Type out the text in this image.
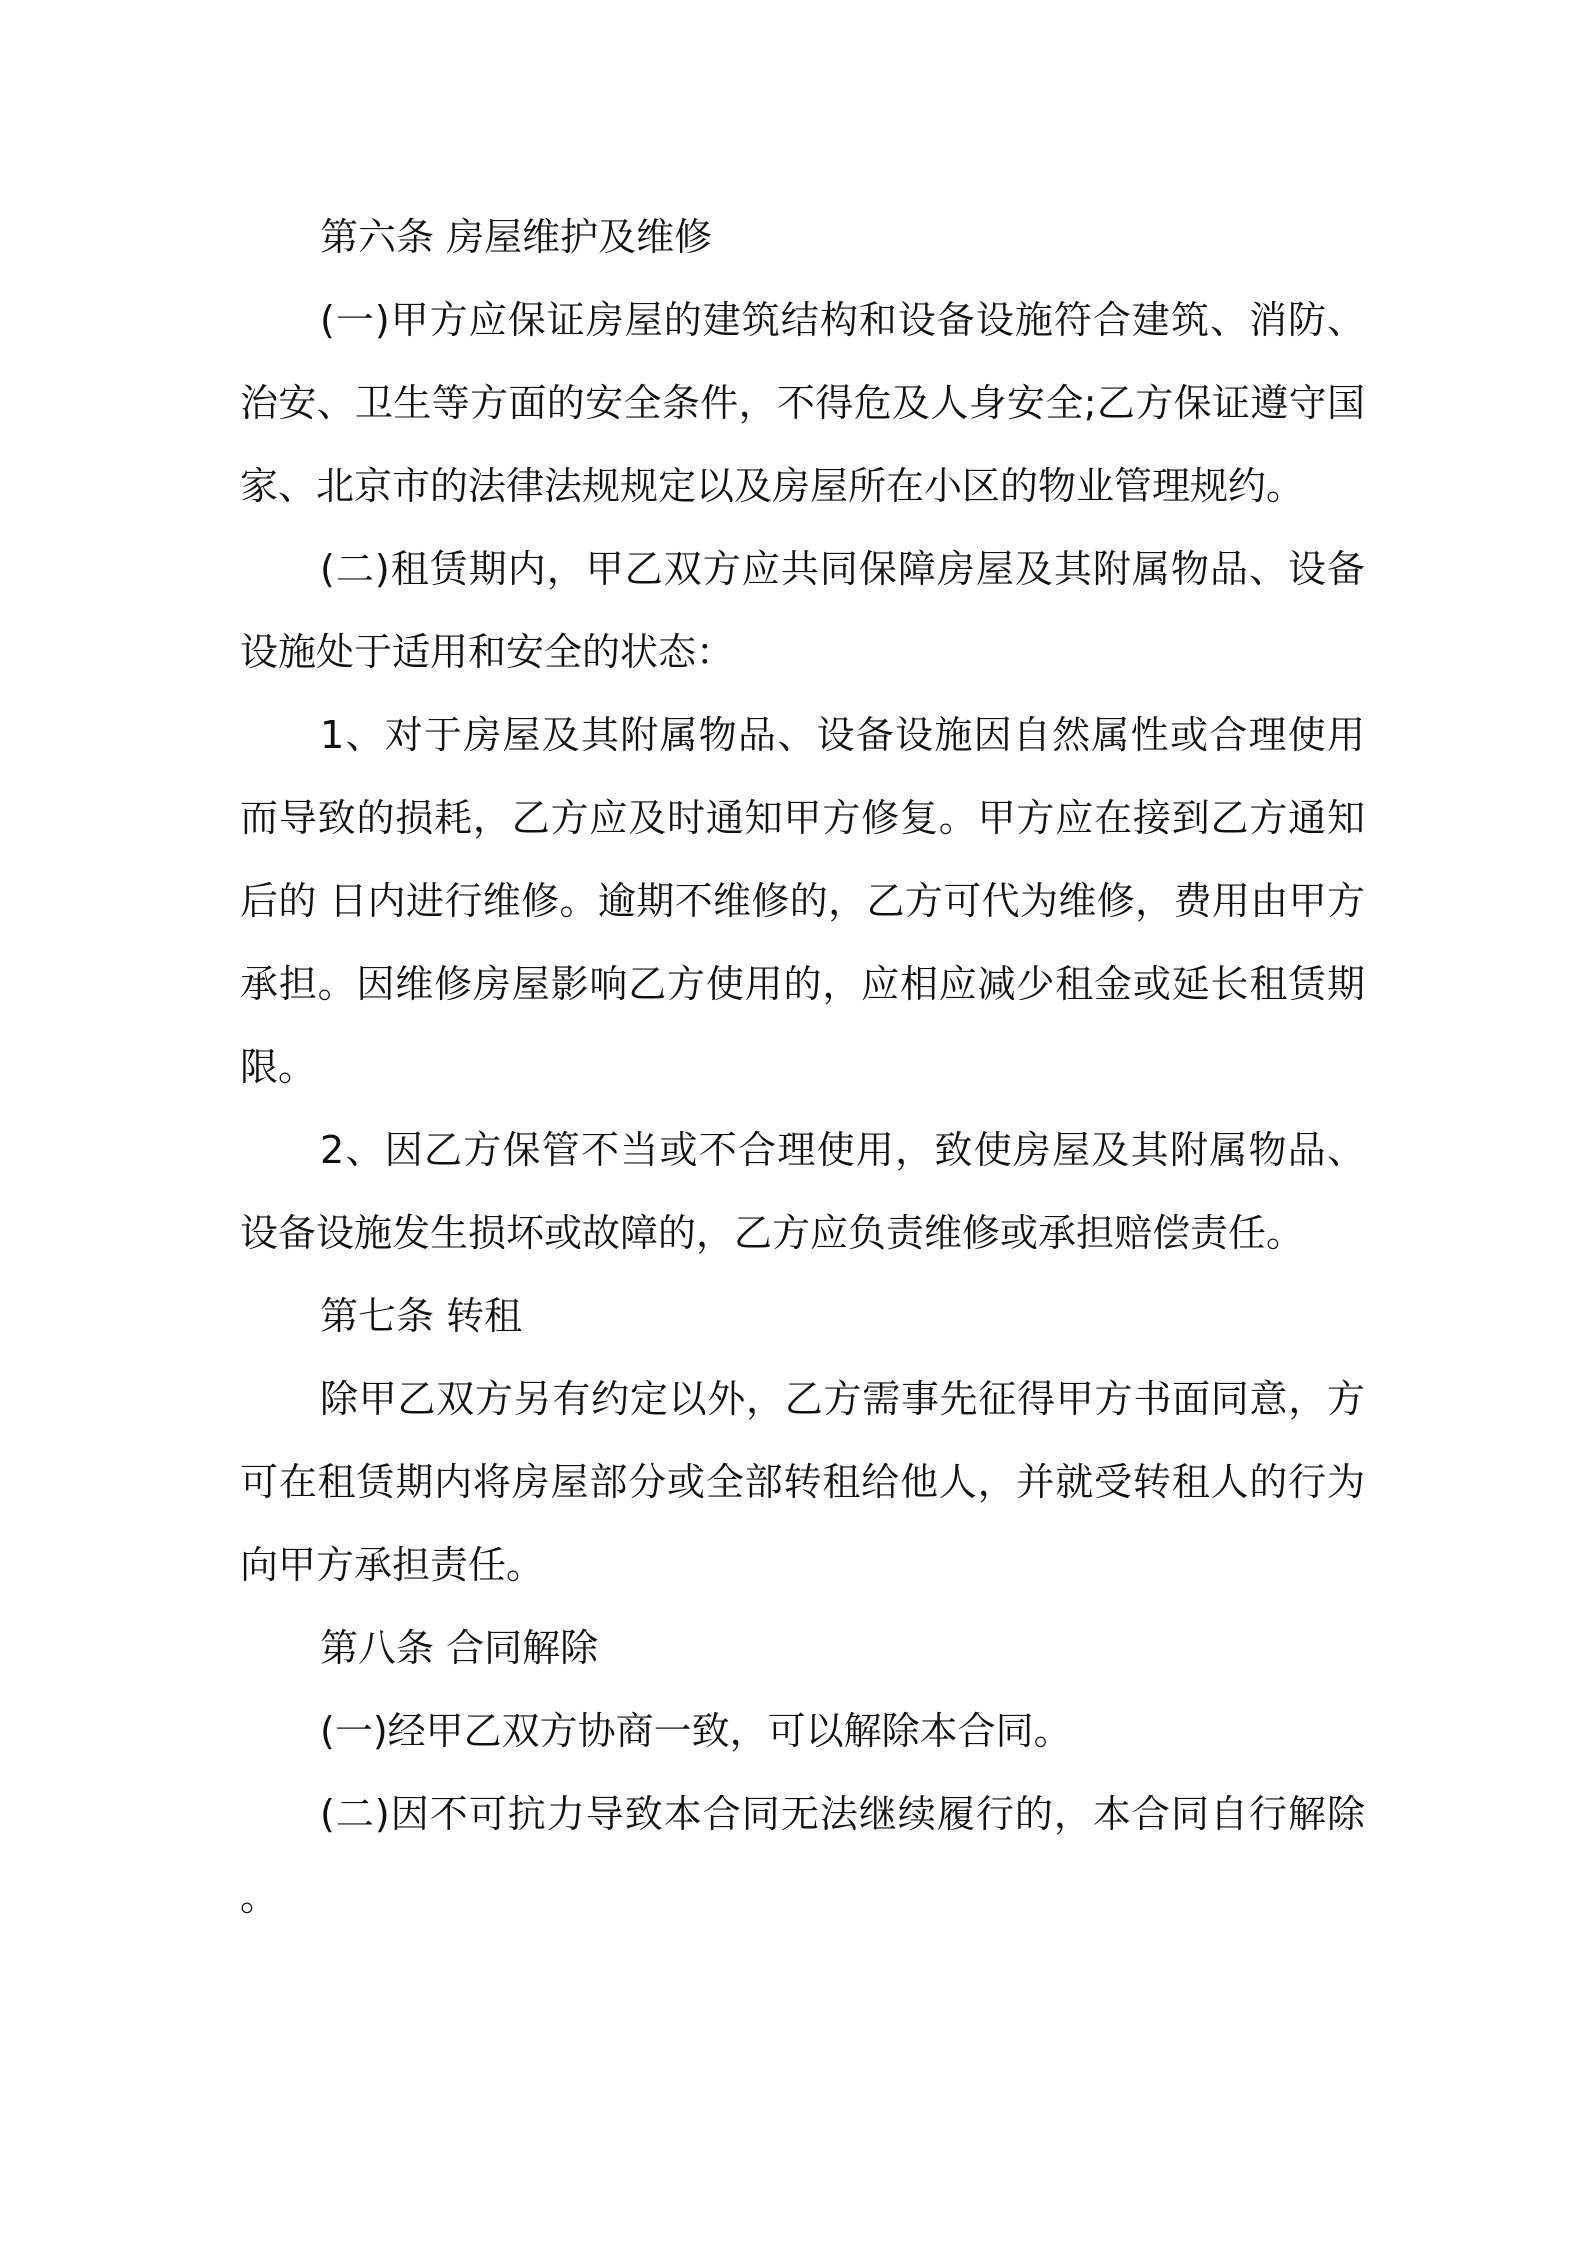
第六条 房屋维护及维修

(一)甲方应保证房屋的建筑结构和设备设施符合建筑、消防、治安、卫生等方面的安全条件，不得危及人身安全;乙方保证遵守国家、北京市的法律法规规定以及房屋所在小区的物业管理规约。

(二)租赁期内，甲乙双方应共同保障房屋及其附属物品、设备设施处于适用和安全的状态：

1、对于房屋及其附属物品、设备设施因自然属性或合理使用而导致的损耗，乙方应及时通知甲方修复。甲方应在接到乙方通知后的 日内进行维修。逾期不维修的，乙方可代为维修，费用由甲方承担。因维修房屋影响乙方使用的，应相应减少租金或延长租赁期限。

2、因乙方保管不当或不合理使用，致使房屋及其附属物品、设备设施发生损坏或故障的，乙方应负责维修或承担赔偿责任。

第七条 转租

除甲乙双方另有约定以外，乙方需事先征得甲方书面同意，方可在租赁期内将房屋部分或全部转租给他人，并就受转租人的行为向甲方承担责任。

第八条 合同解除

(一)经甲乙双方协商一致，可以解除本合同。

(二)因不可抗力导致本合同无法继续履行的，本合同自行解除。
